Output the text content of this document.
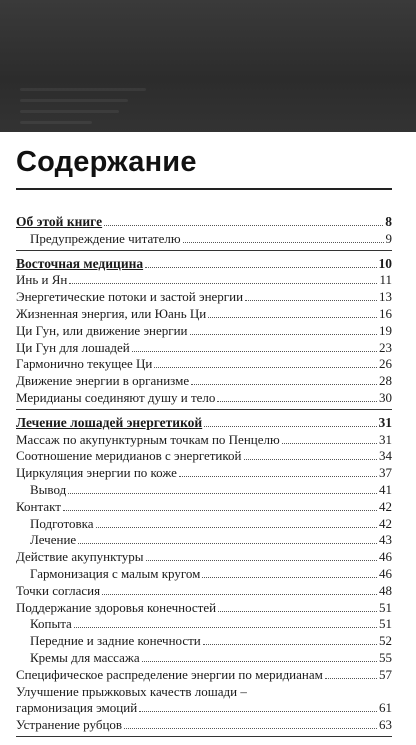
Содержание
Об этой книге	8
Предупреждение читателю	9
Восточная медицина	10
Инь и Ян	11
Энергетические потоки и застой энергии	13
Жизненная энергия, или Юань Ци	16
Ци Гун, или движение энергии	19
Ци Гун для лошадей	23
Гармонично текущее Ци	26
Движение энергии в организме	28
Меридианы соединяют душу и тело	30
Лечение лошадей энергетикой	31
Массаж по акупунктурным точкам по Пенцелю	31
Соотношение меридианов с энергетикой	34
Циркуляция энергии по коже	37
Вывод	41
Контакт	42
Подготовка	42
Лечение	43
Действие акупунктуры	46
Гармонизация с малым кругом	46
Точки согласия	48
Поддержание здоровья конечностей	51
Копыта	51
Передние и задние конечности	52
Кремы для массажа	55
Специфическое распределение энергии по меридианам	57
Улучшение прыжковых качеств лошади –
гармонизация эмоций	61
Устранение рубцов	63
